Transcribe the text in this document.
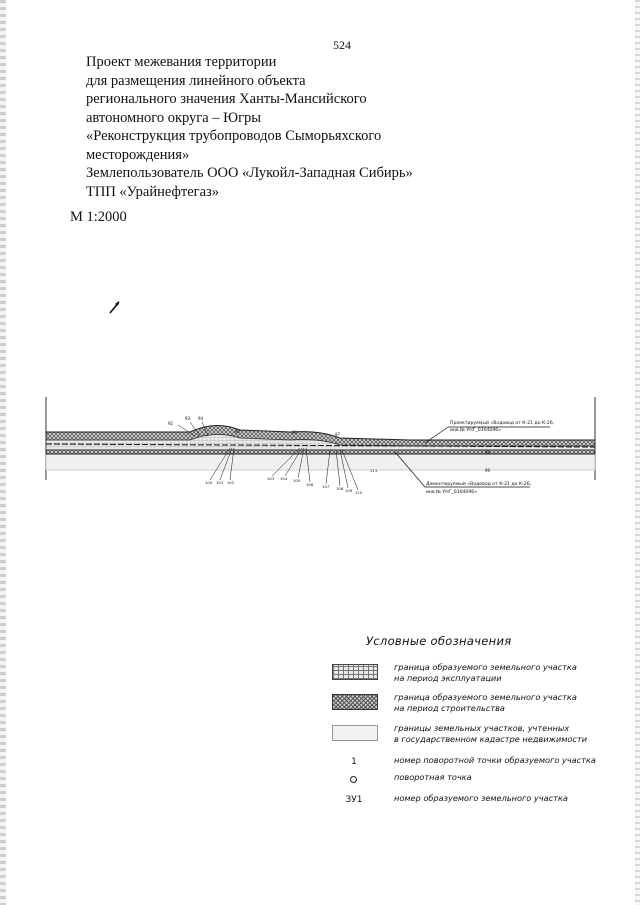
524
Проект межевания территории
для размещения линейного объекта
регионального значения Ханты-Мансийского
автономного округа – Югры
«Реконструкция трубопроводов Сыморьяхского
месторождения»
Землепользователь ООО «Лукойл-Западная Сибирь»
ТПП «Урайнефтегаз»
М 1:2000
Проектируемый «Водовод от К-21 до К-26,
инв.№ УНГ_0304096»
Демонтируемый «Водовод от К-21 до К-26,
инв.№ УНГ_0304096»
92
93 94
95	96	97
98
99
100 101 102
103 104 105
106 107 108 109 110
111
Условные обозначения
граница образуемого земельного участка
на период эксплуатации
граница образуемого земельного участка
на период строительства
границы земельных участков, учтенных
в государственном кадастре недвижимости
1	номер поворотной точки образуемого участка
поворотная точка
ЗУ1	номер образуемого земельного участка
